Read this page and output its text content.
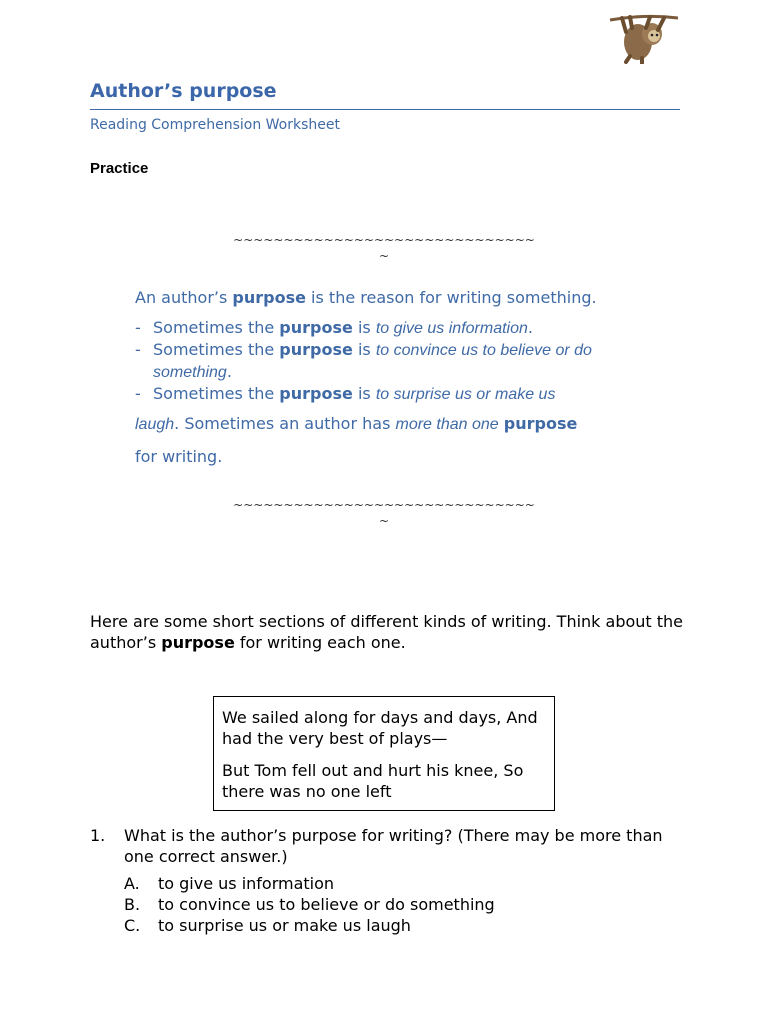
Author’s purpose
Reading Comprehension Worksheet
Practice
~~~~~~~~~~~~~~~~~~~~~~~~~~~~~~
~

An author’s purpose is the reason for writing something.

- Sometimes the purpose is to give us information.
- Sometimes the purpose is to convince us to believe or do something.
- Sometimes the purpose is to surprise us or make us
laugh. Sometimes an author has more than one purpose
for writing.
~~~~~~~~~~~~~~~~~~~~~~~~~~~~~~
~
Here are some short sections of different kinds of writing. Think about the author’s purpose for writing each one.

We sailed along for days and days, And had the very best of plays—

But Tom fell out and hurt his knee, So there was no one left

1. What is the author’s purpose for writing? (There may be more than one correct answer.)
A. to give us information
B. to convince us to believe or do something
C. to surprise us or make us laugh
